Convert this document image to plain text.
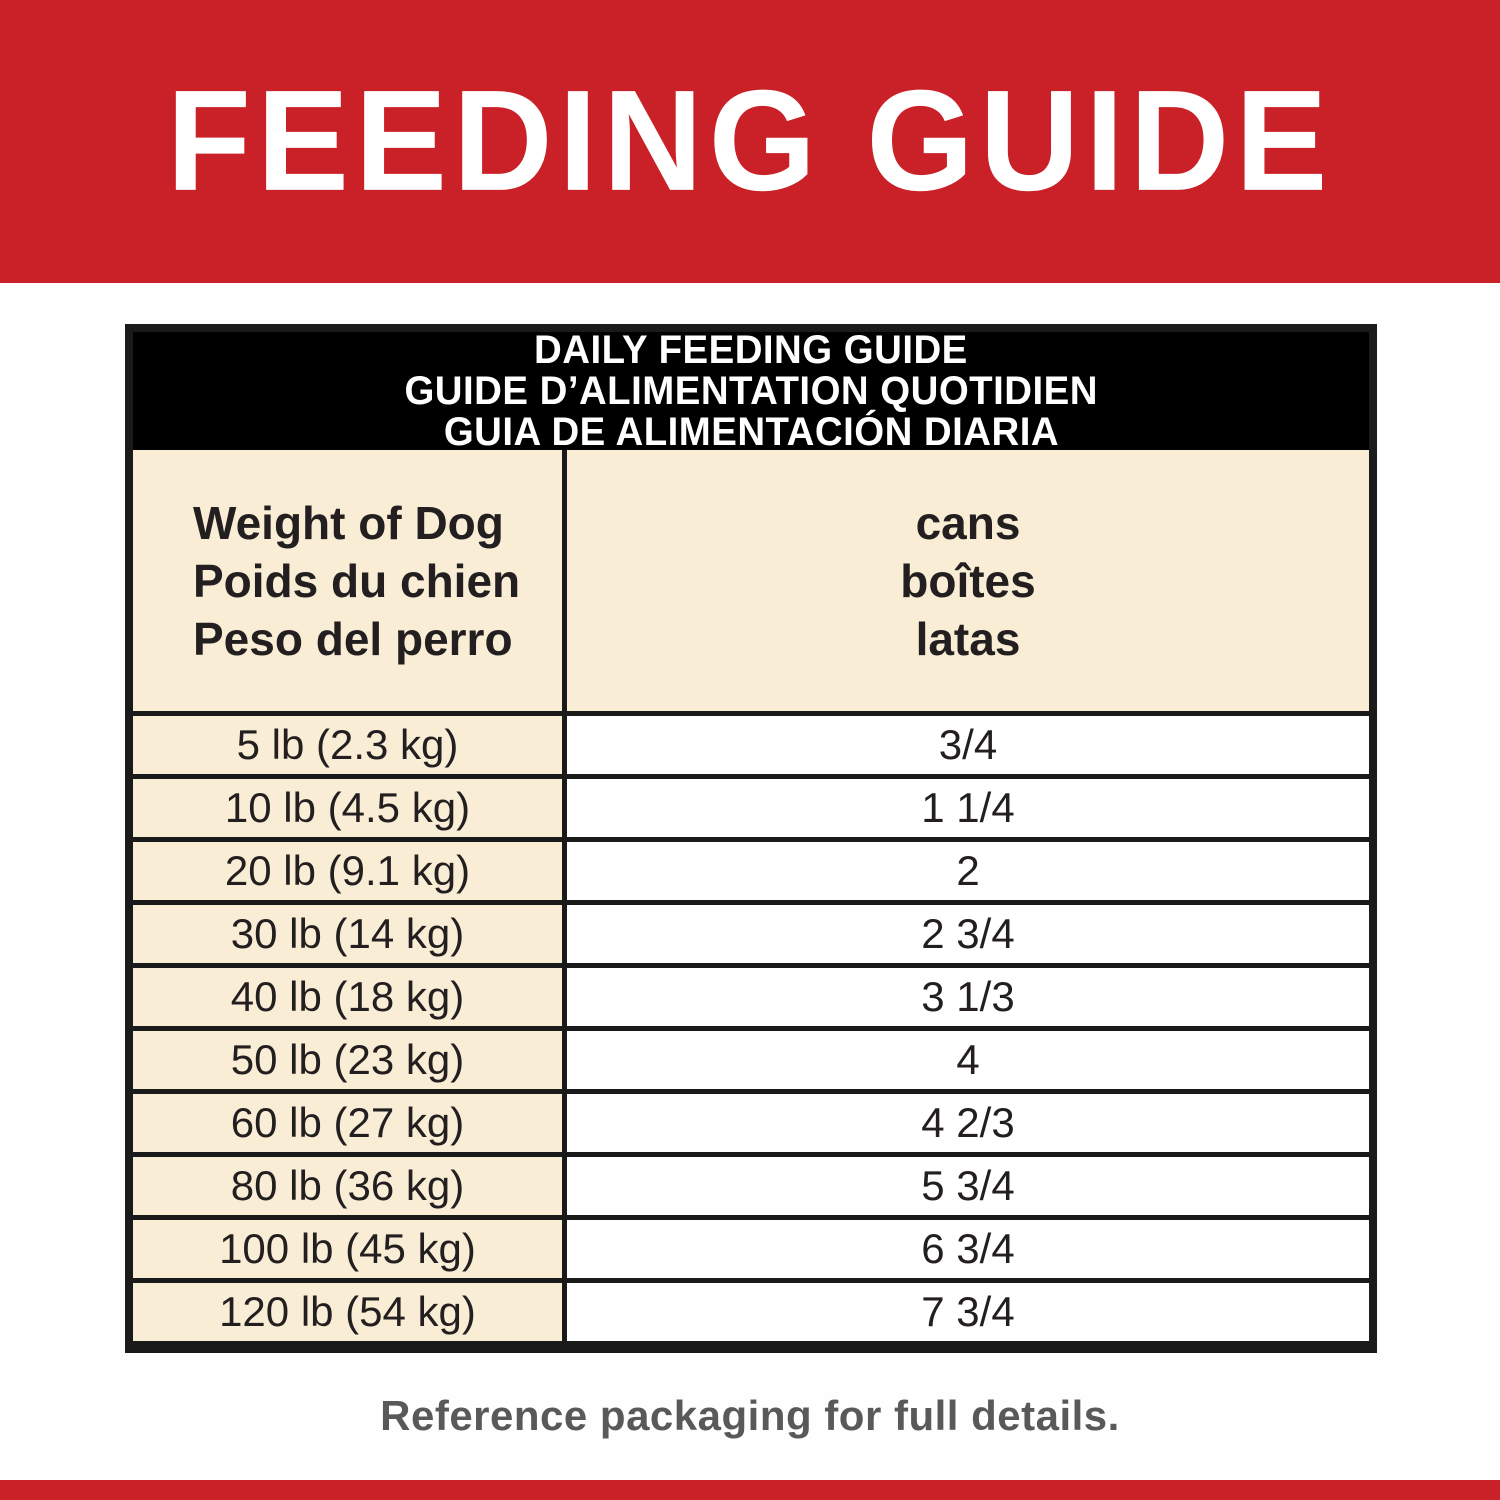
FEEDING GUIDE
DAILY FEEDING GUIDE
GUIDE D’ALIMENTATION QUOTIDIEN
GUIA DE ALIMENTACIÓN DIARIA
Weight of Dog
Poids du chien
Peso del perro
cans
boîtes
latas
5 lb (2.3 kg)	3/4
10 lb (4.5 kg)	1 1/4
20 lb (9.1 kg)	2
30 lb (14 kg)	2 3/4
40 lb (18 kg)	3 1/3
50 lb (23 kg)	4
60 lb (27 kg)	4 2/3
80 lb (36 kg)	5 3/4
100 lb (45 kg)	6 3/4
120 lb (54 kg)	7 3/4
Reference packaging for full details.
